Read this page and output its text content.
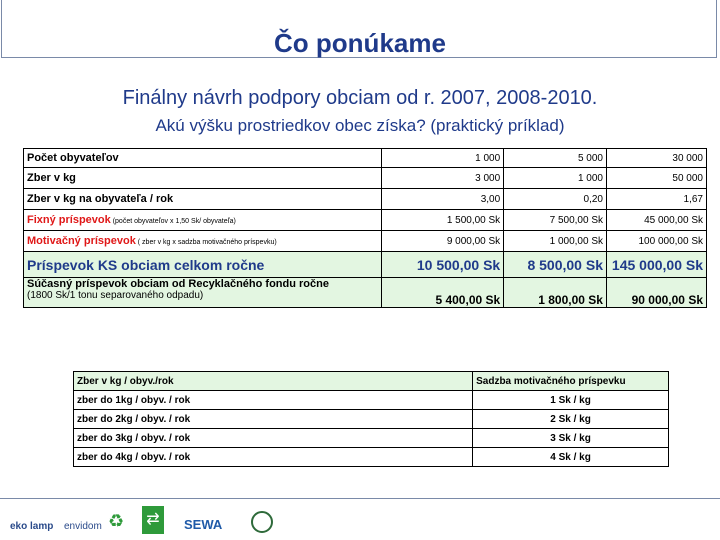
Čo ponúkame
Finálny návrh podpory obciam od r. 2007, 2008-2010.
Akú výšku prostriedkov obec získa? (praktický príklad)
Počet obyvateľov	1 000	5 000	30 000
Zber v kg	3 000	1 000	50 000
Zber v kg na obyvateľa / rok	3,00	0,20	1,67
Fixný príspevok (počet obyvateľov x 1,50 Sk/ obyvateľa)	1 500,00 Sk	7 500,00 Sk	45 000,00 Sk
Motivačný príspevok ( zber v kg x sadzba motivačného príspevku)	9 000,00 Sk	1 000,00 Sk	100 000,00 Sk
Príspevok KS obciam celkom ročne	10 500,00 Sk	8 500,00 Sk	145 000,00 Sk

Súčasný príspevok obciam od Recyklačného fondu ročne
(1800 Sk/1 tonu separovaného odpadu)	5 400,00 Sk	1 800,00 Sk	90 000,00 Sk
Zber v kg / obyv./rok	Sadzba motivačného príspevku
zber do 1kg / obyv. / rok	1 Sk / kg
zber do 2kg / obyv. / rok	2 Sk / kg
zber do 3kg / obyv. / rok	3 Sk / kg
zber do 4kg / obyv. / rok	4 Sk / kg
eko lamp envidom ♻ ⇄	SEWA
